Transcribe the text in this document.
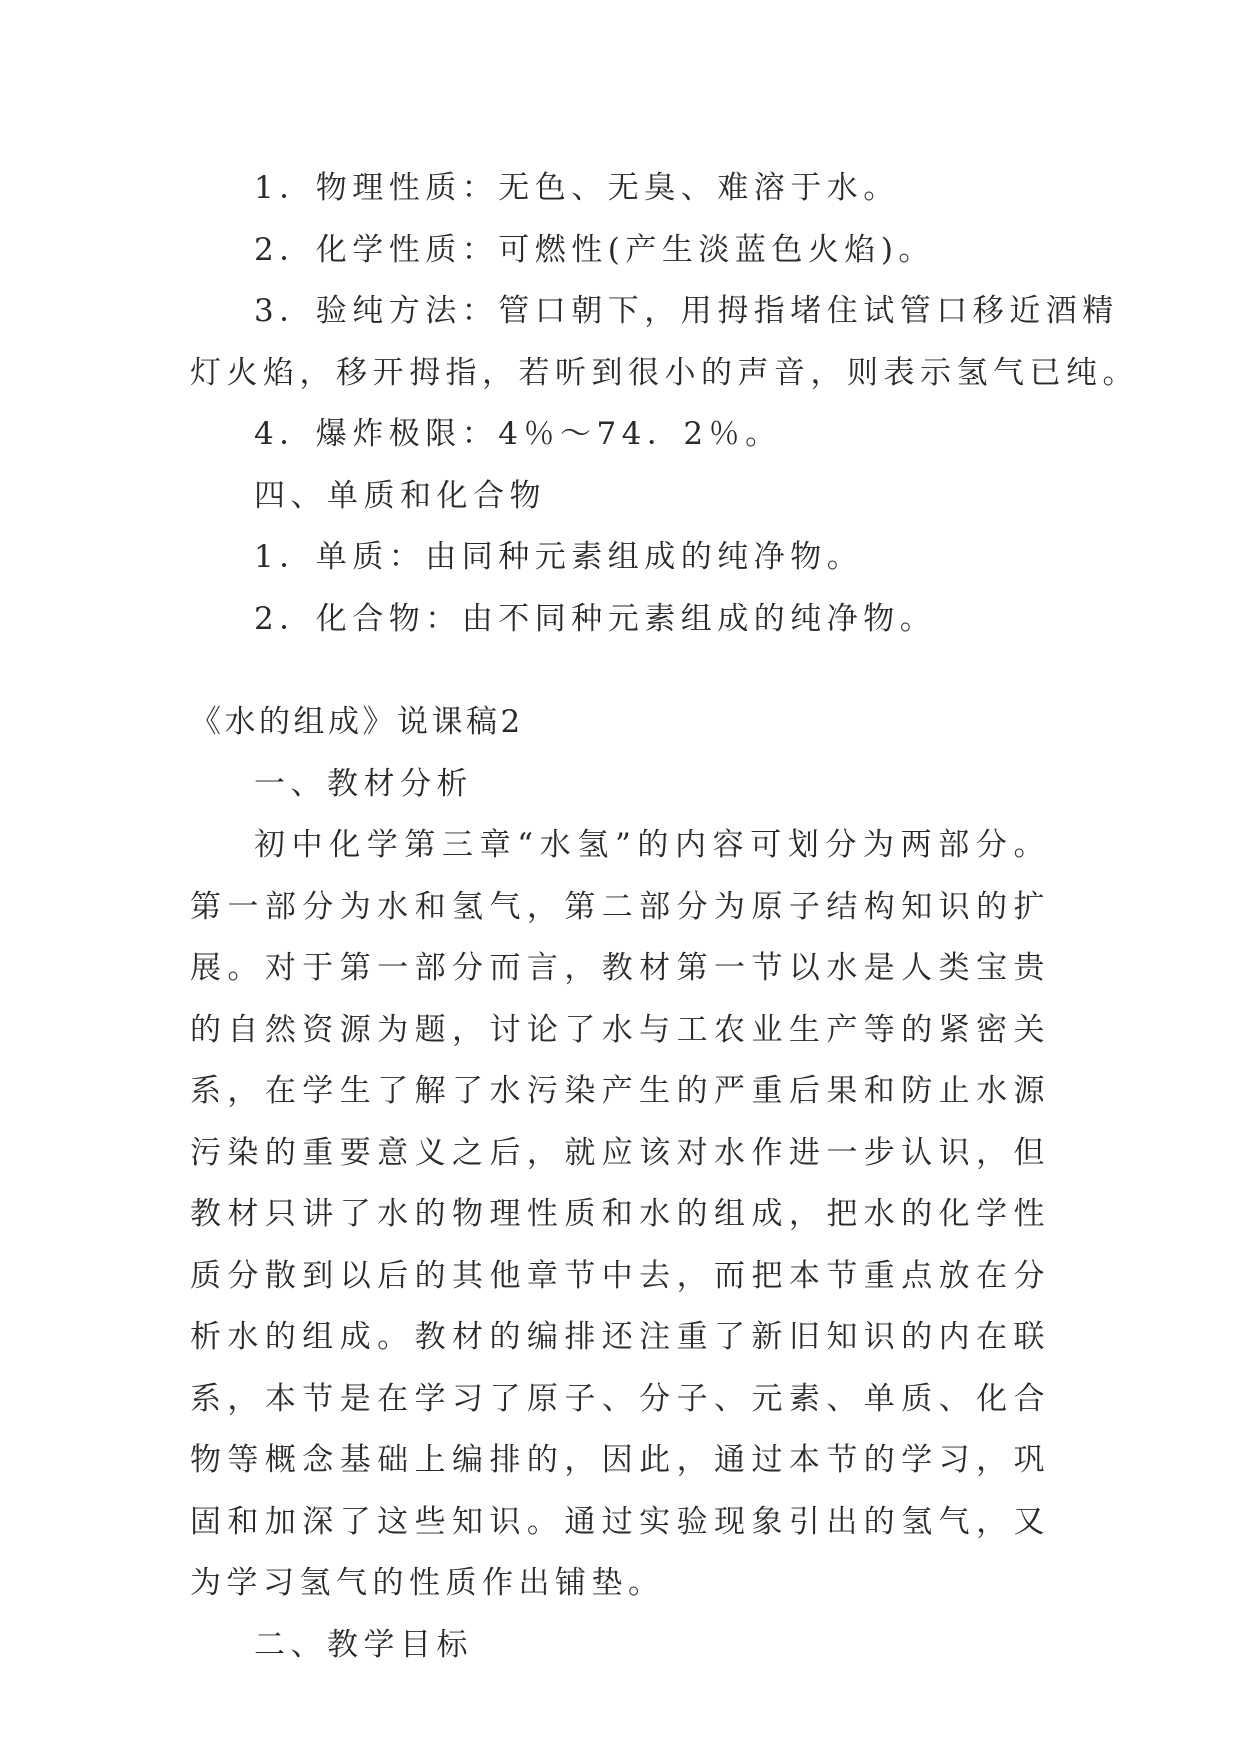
1．物理性质：无色、无臭、难溶于水。

2．化学性质：可燃性(产生淡蓝色火焰)。

3．验纯方法：管口朝下，用拇指堵住试管口移近酒精

灯火焰，移开拇指，若听到很小的声音，则表示氢气已纯。

4．爆炸极限：4％～74．2％。

四、单质和化合物

1．单质：由同种元素组成的纯净物。

2．化合物：由不同种元素组成的纯净物。

《水的组成》说课稿2

一、教材分析

初中化学第三章“水氢”的内容可划分为两部分。第一部分为水和氢气，第二部分为原子结构知识的扩展。对于第一部分而言，教材第一节以水是人类宝贵的自然资源为题，讨论了水与工农业生产等的紧密关系，在学生了解了水污染产生的严重后果和防止水源污染的重要意义之后，就应该对水作进一步认识，但教材只讲了水的物理性质和水的组成，把水的化学性质分散到以后的其他章节中去，而把本节重点放在分析水的组成。教材的编排还注重了新旧知识的内在联系，本节是在学习了原子、分子、元素、单质、化合物等概念基础上编排的，因此，通过本节的学习，巩固和加深了这些知识。通过实验现象引出的氢气，又为学习氢气的性质作出铺垫。

二、教学目标
